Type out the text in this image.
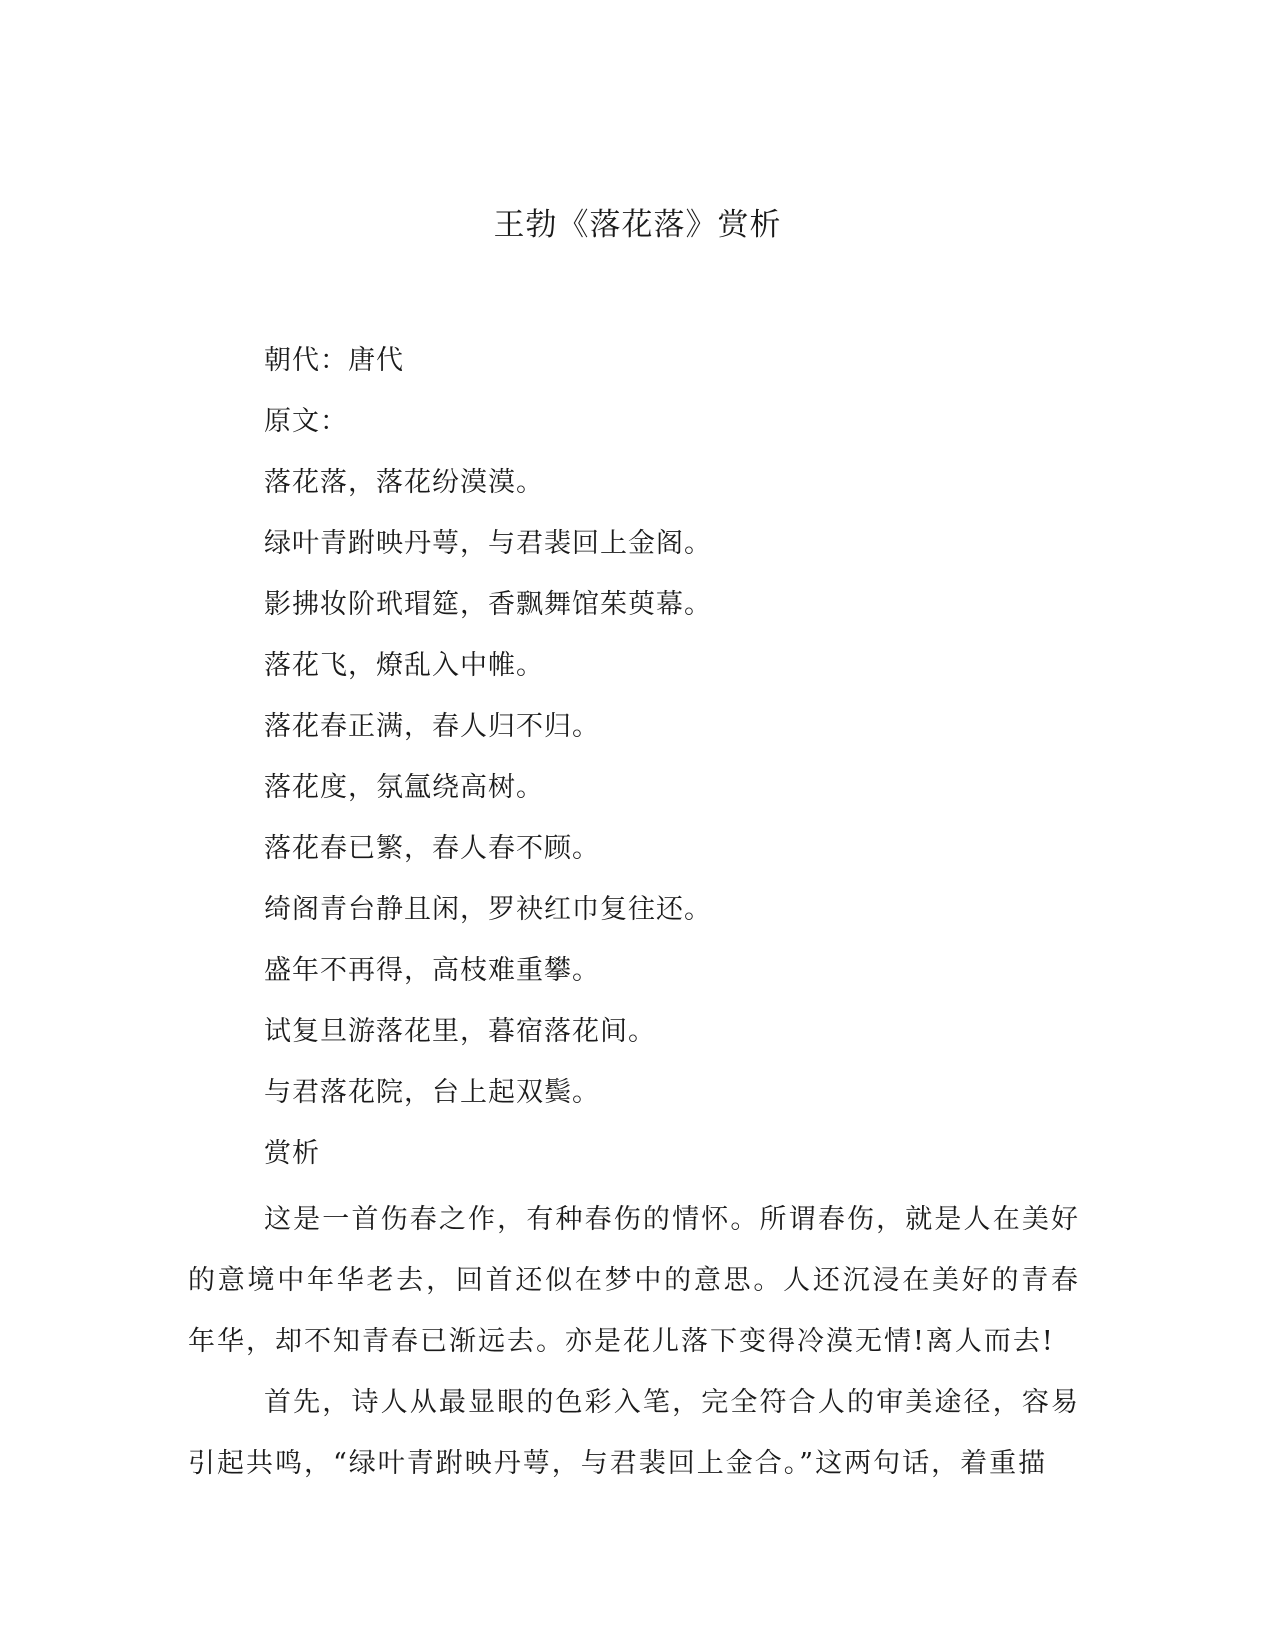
王勃《落花落》赏析
朝代：唐代
原文：
落花落，落花纷漠漠。
绿叶青跗映丹萼，与君裴回上金阁。
影拂妆阶玳瑁筵，香飘舞馆茱萸幕。
落花飞，燎乱入中帷。
落花春正满，春人归不归。
落花度，氛氲绕高树。
落花春已繁，春人春不顾。
绮阁青台静且闲，罗袂红巾复往还。
盛年不再得，高枝难重攀。
试复旦游落花里，暮宿落花间。
与君落花院，台上起双鬓。
赏析

这是一首伤春之作，有种春伤的情怀。所谓春伤，就是人在美好的意境中年华老去，回首还似在梦中的意思。人还沉浸在美好的青春年华，却不知青春已渐远去。亦是花儿落下变得冷漠无情!离人而去!

首先，诗人从最显眼的色彩入笔，完全符合人的审美途径，容易引起共鸣，“绿叶青跗映丹萼，与君裴回上金合。”这两句话，着重描
